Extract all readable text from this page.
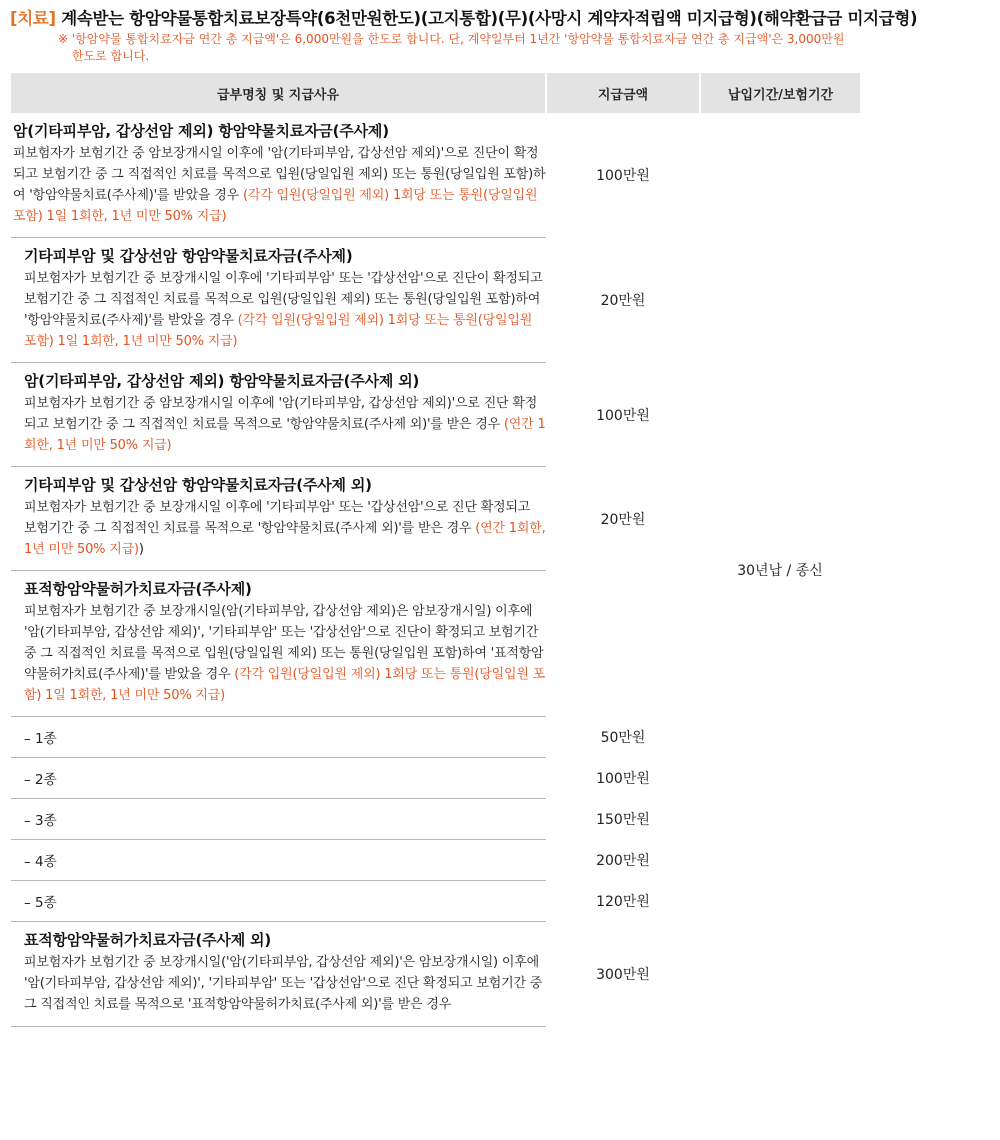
[치료] 계속받는 항암약물통합치료보장특약(6천만원한도)(고지통합)(무)(사망시 계약자적립액 미지급형)(해약환급금 미지급형)
※ '항암약물 통합치료자금 연간 총 지급액'은 6,000만원을 한도로 합니다. 단, 계약일부터 1년간 '항암약물 통합치료자금 연간 총 지급액'은 3,000만원
한도로 합니다.
급부명칭 및 지급사유	지급금액	납입기간/보험기간

암(기타피부암, 갑상선암 제외) 항암약물치료자금(주사제)
피보험자가 보험기간 중 암보장개시일 이후에 '암(기타피부암, 갑상선암 제외)'으로 진단이 확정되고 보험기간 중 그 직접적인 치료를 목적으로 입원(당일입원 제외) 또는 통원(당일입원 포함)하여 '항암약물치료(주사제)'를 받았을 경우 (각각 입원(당일입원 제외) 1회당 또는 통원(당일입원 포함) 1일 1회한, 1년 미만 50% 지급)	100만원	30년납 / 종신

기타피부암 및 갑상선암 항암약물치료자금(주사제)
피보험자가 보험기간 중 보장개시일 이후에 '기타피부암' 또는 '갑상선암'으로 진단이 확정되고 보험기간 중 그 직접적인 치료를 목적으로 입원(당일입원 제외) 또는 통원(당일입원 포함)하여 '항암약물치료(주사제)'를 받았을 경우 (각각 입원(당일입원 제외) 1회당 또는 통원(당일입원 포함) 1일 1회한, 1년 미만 50% 지급)	20만원	

암(기타피부암, 갑상선암 제외) 항암약물치료자금(주사제 외)
피보험자가 보험기간 중 암보장개시일 이후에 '암(기타피부암, 갑상선암 제외)'으로 진단 확정되고 보험기간 중 그 직접적인 치료를 목적으로 '항암약물치료(주사제 외)'를 받은 경우 (연간 1회한, 1년 미만 50% 지급)	100만원	

기타피부암 및 갑상선암 항암약물치료자금(주사제 외)
피보험자가 보험기간 중 보장개시일 이후에 '기타피부암' 또는 '갑상선암'으로 진단 확정되고 보험기간 중 그 직접적인 치료를 목적으로 '항암약물치료(주사제 외)'를 받은 경우 (연간 1회한, 1년 미만 50% 지급))	20만원	

표적항암약물허가치료자금(주사제)
피보험자가 보험기간 중 보장개시일(암(기타피부암, 갑상선암 제외)은 암보장개시일) 이후에 '암(기타피부암, 갑상선암 제외)', '기타피부암' 또는 '갑상선암'으로 진단이 확정되고 보험기간 중 그 직접적인 치료를 목적으로 입원(당일입원 제외) 또는 통원(당일입원 포함)하여 '표적항암약물허가치료(주사제)'를 받았을 경우 (각각 입원(당일입원 제외) 1회당 또는 통원(당일입원 포함) 1일 1회한, 1년 미만 50% 지급)		
– 1종	50만원	
– 2종	100만원	
– 3종	150만원	
– 4종	200만원	
– 5종	120만원	

표적항암약물허가치료자금(주사제 외)
피보험자가 보험기간 중 보장개시일('암(기타피부암, 갑상선암 제외)'은 암보장개시일) 이후에 '암(기타피부암, 갑상선암 제외)', '기타피부암' 또는 '갑상선암'으로 진단 확정되고 보험기간 중 그 직접적인 치료를 목적으로 '표적항암약물허가치료(주사제 외)'를 받은 경우	300만원	
